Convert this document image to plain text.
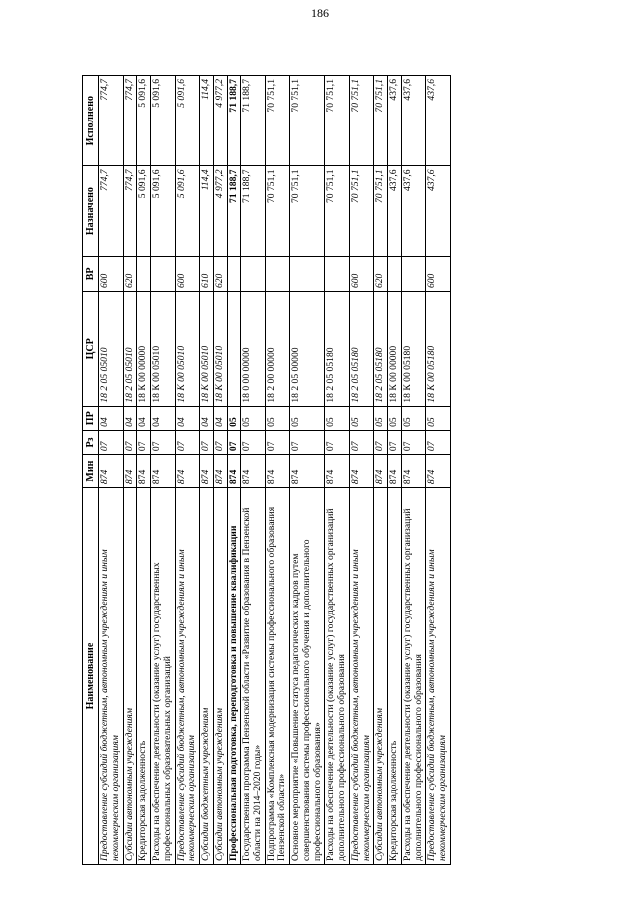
186
Наименование	Мин	Рз	ПР	ЦСР	ВР	Назначено	Исполнено
Предоставление субсидий бюджетным, автономным учреждениям и иным некоммерческим организациям	874	07	04	18 2 05 05010	600	774,7	774,7
Субсидии автономным учреждениям	874	07	04	18 2 05 05010	620	774,7	774,7
Кредиторская задолженность	874	07	04	18 К 00 00000		5 091,6	5 091,6
Расходы на обеспечение деятельности (оказание услуг) государственных профессиональных образовательных организаций	874	07	04	18 К 00 05010		5 091,6	5 091,6
Предоставление субсидий бюджетным, автономным учреждениям и иным некоммерческим организациям	874	07	04	18 К 00 05010	600	5 091,6	5 091,6
Субсидии бюджетным учреждениям	874	07	04	18 К 00 05010	610	114,4	114,4
Субсидии автономным учреждениям	874	07	04	18 К 00 05010	620	4 977,2	4 977,2
Профессиональная подготовка, переподготовка и повышение квалификации	874	07	05			71 188,7	71 188,7
Государственная программа Пензенской области «Развитие образования в Пензенской области на 2014–2020 годы»	874	07	05	18 0 00 00000		71 188,7	71 188,7
Подпрограмма «Комплексная модернизация системы профессионального образования Пензенской области»	874	07	05	18 2 00 00000		70 751,1	70 751,1
Основное мероприятие «Повышение статуса педагогических кадров путем совершенствования системы профессионального обучения и дополнительного профессионального образования»	874	07	05	18 2 05 00000		70 751,1	70 751,1
Расходы на обеспечение деятельности (оказание услуг) государственных организаций дополнительного профессионального образования	874	07	05	18 2 05 05180		70 751,1	70 751,1
Предоставление субсидий бюджетным, автономным учреждениям и иным некоммерческим организациям	874	07	05	18 2 05 05180	600	70 751,1	70 751,1
Субсидии автономным учреждениям	874	07	05	18 2 05 05180	620	70 751,1	70 751,1
Кредиторская задолженность	874	07	05	18 К 00 00000		437,6	437,6
Расходы на обеспечение деятельности (оказание услуг) государственных организаций дополнительного профессионального образования	874	07	05	18 К 00 05180		437,6	437,6
Предоставление субсидий бюджетным, автономным учреждениям и иным некоммерческим организациям	874	07	05	18 К 00 05180	600	437,6	437,6
